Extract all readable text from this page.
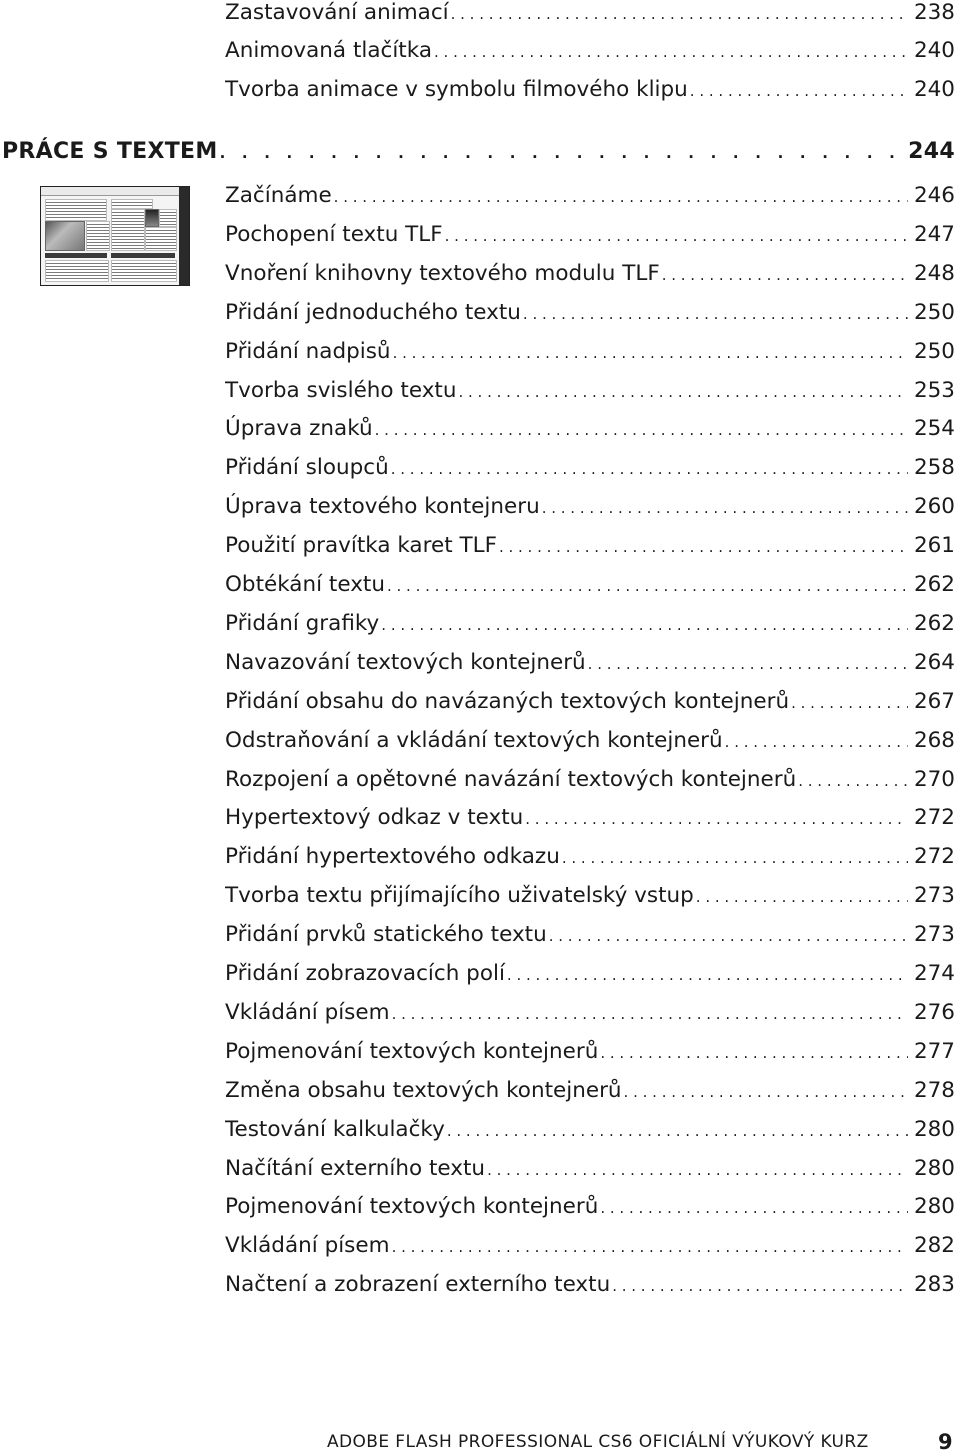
Zastavování animací . . .	238
Animovaná tlačítka . . .	240
Tvorba animace v symbolu filmového klipu . . .	240
PRÁCE S TEXTEM . . .	244
Začínáme . . .	246
Pochopení textu TLF . . .	247
Vnoření knihovny textového modulu TLF . . .	248
Přidání jednoduchého textu . . .	250
Přidání nadpisů . . .	250
Tvorba svislého textu . . .	253
Úprava znaků . . .	254
Přidání sloupců . . .	258
Úprava textového kontejneru . . .	260
Použití pravítka karet TLF . . .	261
Obtékání textu . . .	262
Přidání grafiky . . .	262
Navazování textových kontejnerů . . .	264
Přidání obsahu do navázaných textových kontejnerů . . .	267
Odstraňování a vkládání textových kontejnerů . . .	268
Rozpojení a opětovné navázání textových kontejnerů . . .	270
Hypertextový odkaz v textu . . .	272
Přidání hypertextového odkazu . . .	272
Tvorba textu přijímajícího uživatelský vstup . . .	273
Přidání prvků statického textu . . .	273
Přidání zobrazovacích polí . . .	274
Vkládání písem . . .	276
Pojmenování textových kontejnerů . . .	277
Změna obsahu textových kontejnerů . . .	278
Testování kalkulačky . . .	280
Načítání externího textu . . .	280
Pojmenování textových kontejnerů . . .	280
Vkládání písem . . .	282
Načtení a zobrazení externího textu . . .	283
ADOBE FLASH PROFESSIONAL CS6 OFICIÁLNÍ VÝUKOVÝ KURZ	9
